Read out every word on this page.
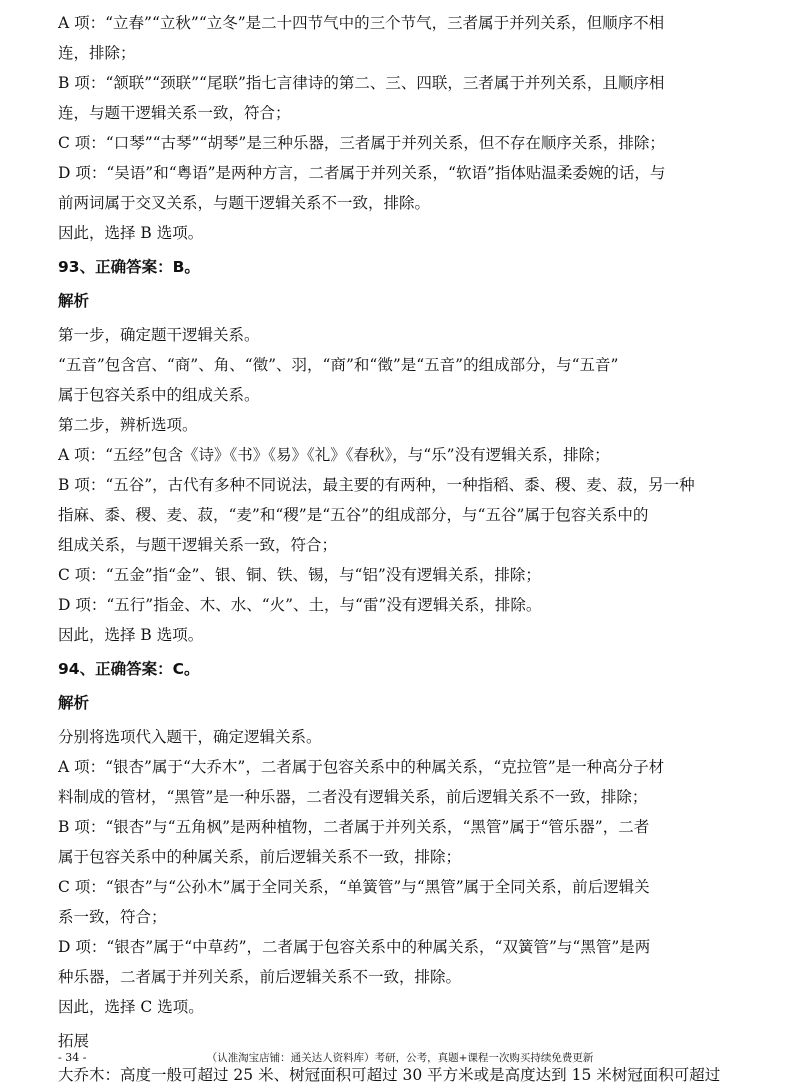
A 项：“立春”“立秋”“立冬”是二十四节气中的三个节气，三者属于并列关系，但顺序不相
连，排除；
B 项：“颔联”“颈联”“尾联”指七言律诗的第二、三、四联，三者属于并列关系，且顺序相
连，与题干逻辑关系一致，符合；
C 项：“口琴”“古琴”“胡琴”是三种乐器，三者属于并列关系，但不存在顺序关系，排除；
D 项：“吴语”和“粤语”是两种方言，二者属于并列关系，“软语”指体贴温柔委婉的话，与
前两词属于交叉关系，与题干逻辑关系不一致，排除。
因此，选择 B 选项。
93、正确答案：B。
解析
第一步，确定题干逻辑关系。
“五音”包含宫、“商”、角、“徵”、羽，“商”和“徵”是“五音”的组成部分，与“五音”
属于包容关系中的组成关系。
第二步，辨析选项。
A 项：“五经”包含《诗》《书》《易》《礼》《春秋》，与“乐”没有逻辑关系，排除；
B 项：“五谷”，古代有多种不同说法，最主要的有两种，一种指稻、黍、稷、麦、菽，另一种
指麻、黍、稷、麦、菽，“麦”和“稷”是“五谷”的组成部分，与“五谷”属于包容关系中的
组成关系，与题干逻辑关系一致，符合；
C 项：“五金”指“金”、银、铜、铁、锡，与“铝”没有逻辑关系，排除；
D 项：“五行”指金、木、水、“火”、土，与“雷”没有逻辑关系，排除。
因此，选择 B 选项。
94、正确答案：C。
解析
分别将选项代入题干，确定逻辑关系。
A 项：“银杏”属于“大乔木”，二者属于包容关系中的种属关系，“克拉管”是一种高分子材
料制成的管材，“黑管”是一种乐器，二者没有逻辑关系，前后逻辑关系不一致，排除；
B 项：“银杏”与“五角枫”是两种植物，二者属于并列关系，“黑管”属于“管乐器”，二者
属于包容关系中的种属关系，前后逻辑关系不一致，排除；
C 项：“银杏”与“公孙木”属于全同关系，“单簧管”与“黑管”属于全同关系，前后逻辑关
系一致，符合；
D 项：“银杏”属于“中草药”，二者属于包容关系中的种属关系，“双簧管”与“黑管”是两
种乐器，二者属于并列关系，前后逻辑关系不一致，排除。
因此，选择 C 选项。
拓展
大乔木：高度一般可超过 25 米、树冠面积可超过 30 平方米或是高度达到 15 米树冠面积可超过
（认准淘宝店铺：通关达人资料库）考研，公考，真题+课程一次购买持续免费更新
- 34 -
